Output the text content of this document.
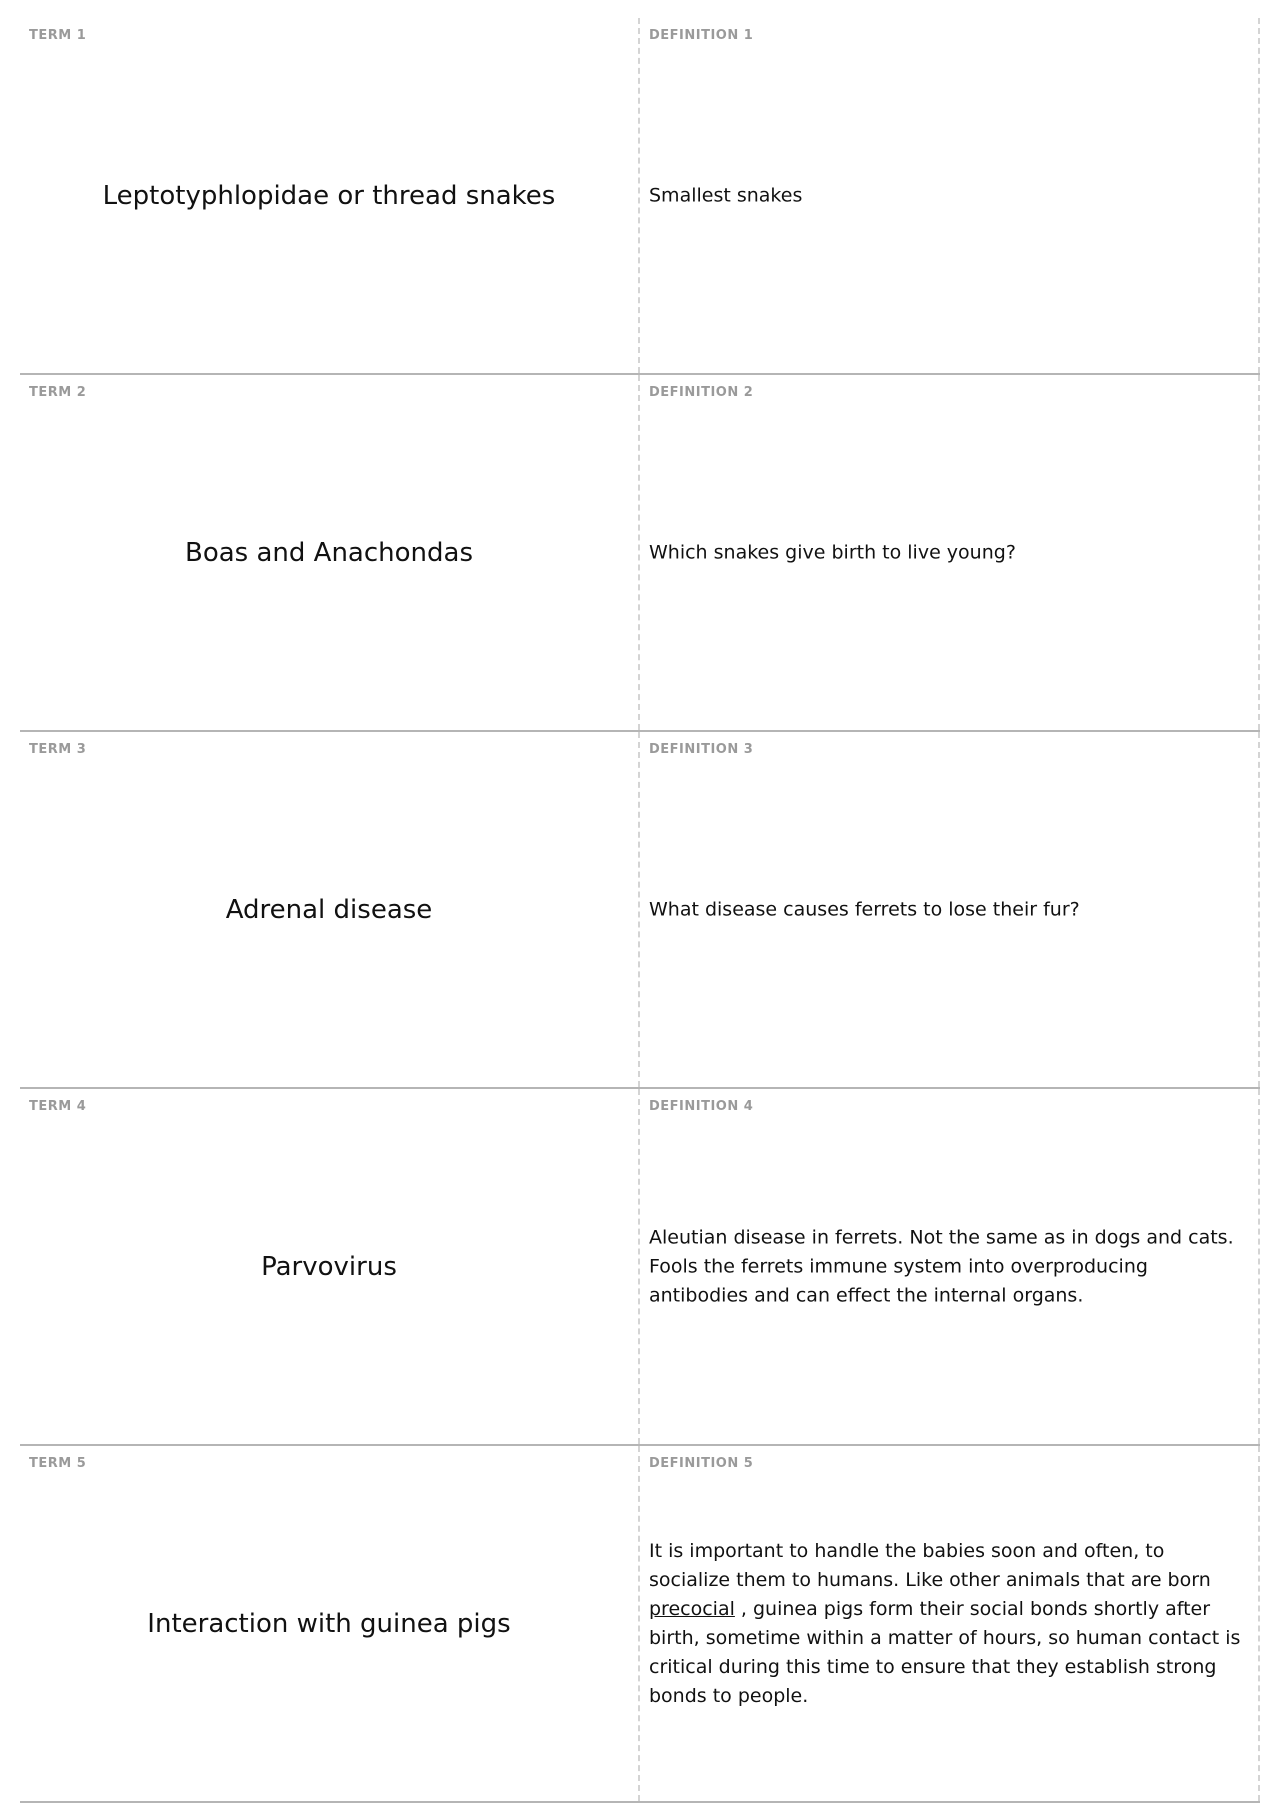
TERM 1
Leptotyphlopidae or thread snakes
DEFINITION 1
Smallest snakes
TERM 2
Boas and Anachondas
DEFINITION 2
Which snakes give birth to live young?
TERM 3
Adrenal disease
DEFINITION 3
What disease causes ferrets to lose their fur?
TERM 4
Parvovirus
DEFINITION 4
Aleutian disease in ferrets. Not the same as in dogs and cats. Fools the ferrets immune system into overproducing antibodies and can effect the internal organs.
TERM 5
Interaction with guinea pigs
DEFINITION 5
It is important to handle the babies soon and often, to socialize them to humans. Like other animals that are born precocial , guinea pigs form their social bonds shortly after birth, sometime within a matter of hours, so human contact is critical during this time to ensure that they establish strong bonds to people.
